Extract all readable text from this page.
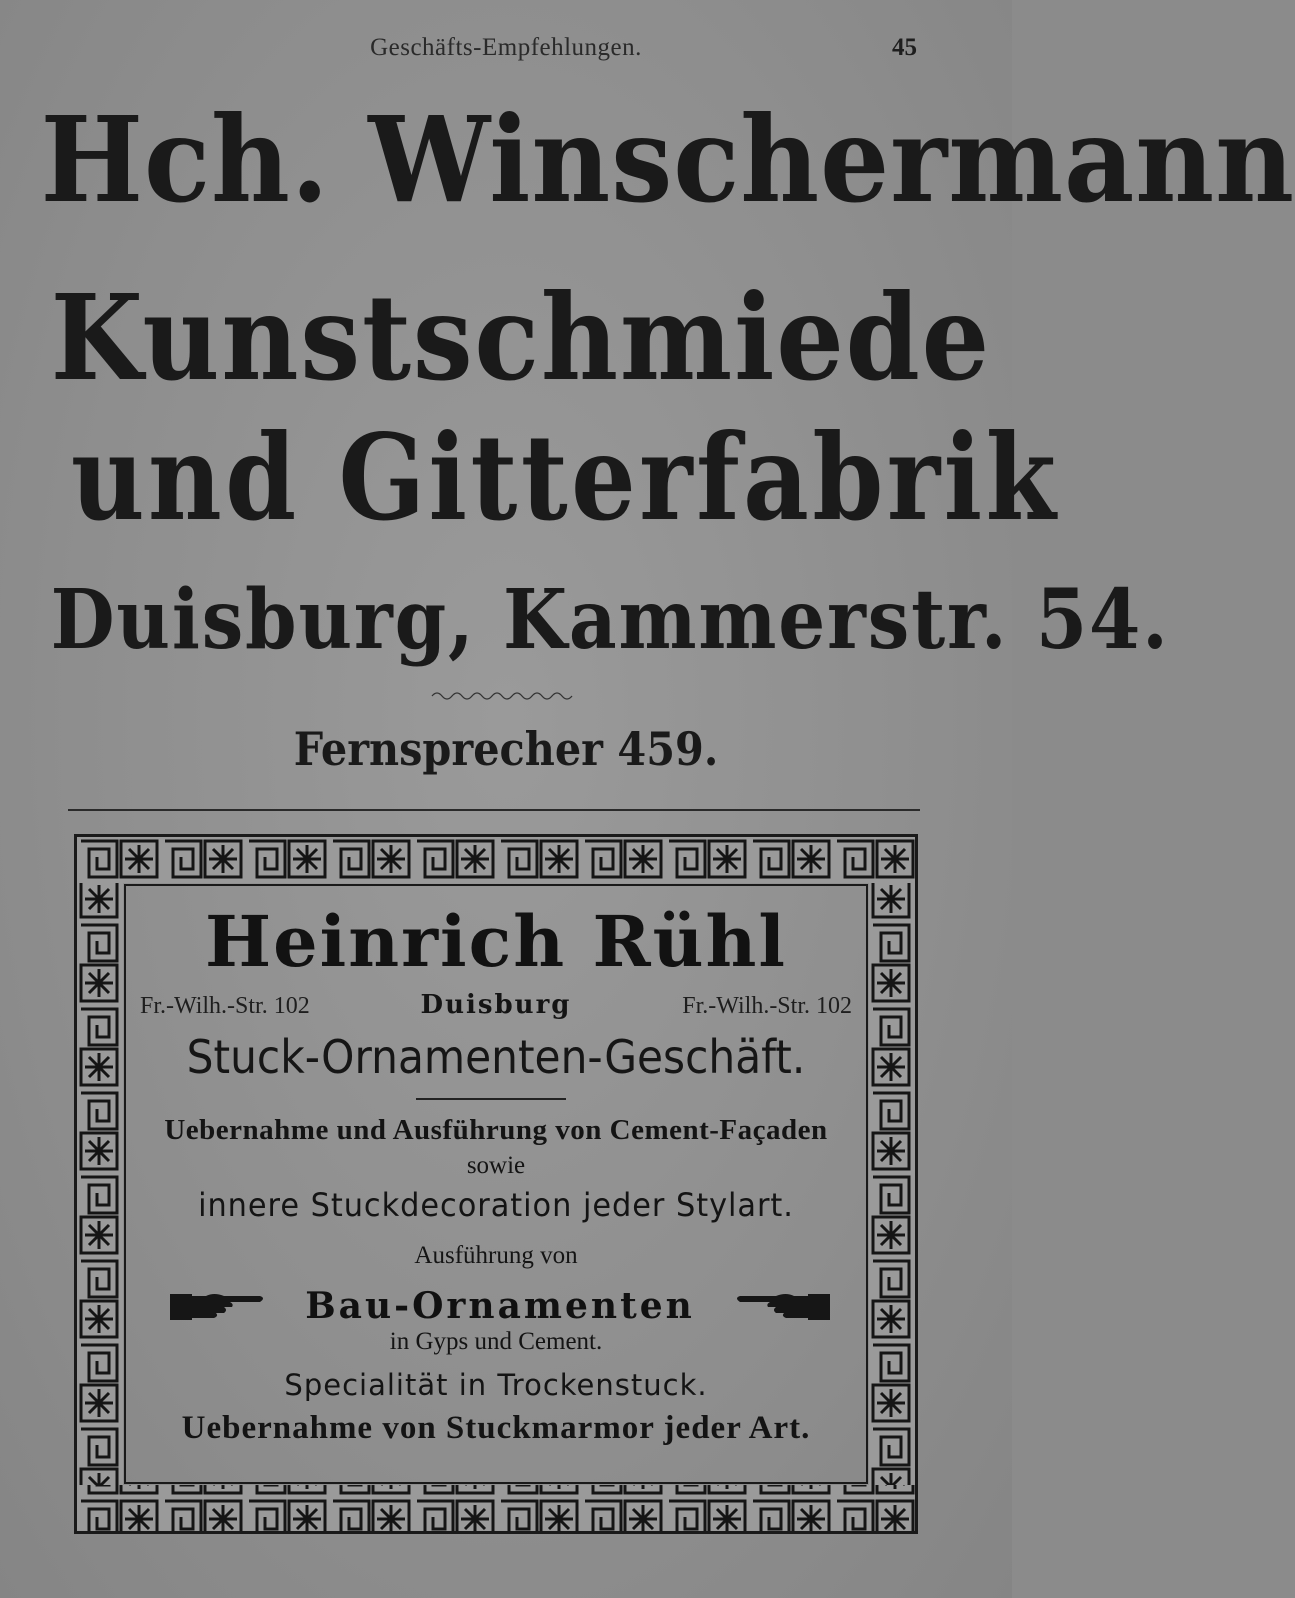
Geschäfts-Empfehlungen.	45
Hch. Winschermann
Kunstschmiede
und Gitterfabrik
Duisburg, Kammerstr. 54.
Fernsprecher 459.
Heinrich Rühl
Fr.-Wilh.-Str. 102	Duisburg	Fr.-Wilh.-Str. 102
Stuck-Ornamenten-Geschäft.
Uebernahme und Ausführung von Cement-Façaden
sowie
innere Stuckdecoration jeder Stylart.
Ausführung von
Bau-Ornamenten
in Gyps und Cement.
Specialität in Trockenstuck.
Uebernahme von Stuckmarmor jeder Art.
